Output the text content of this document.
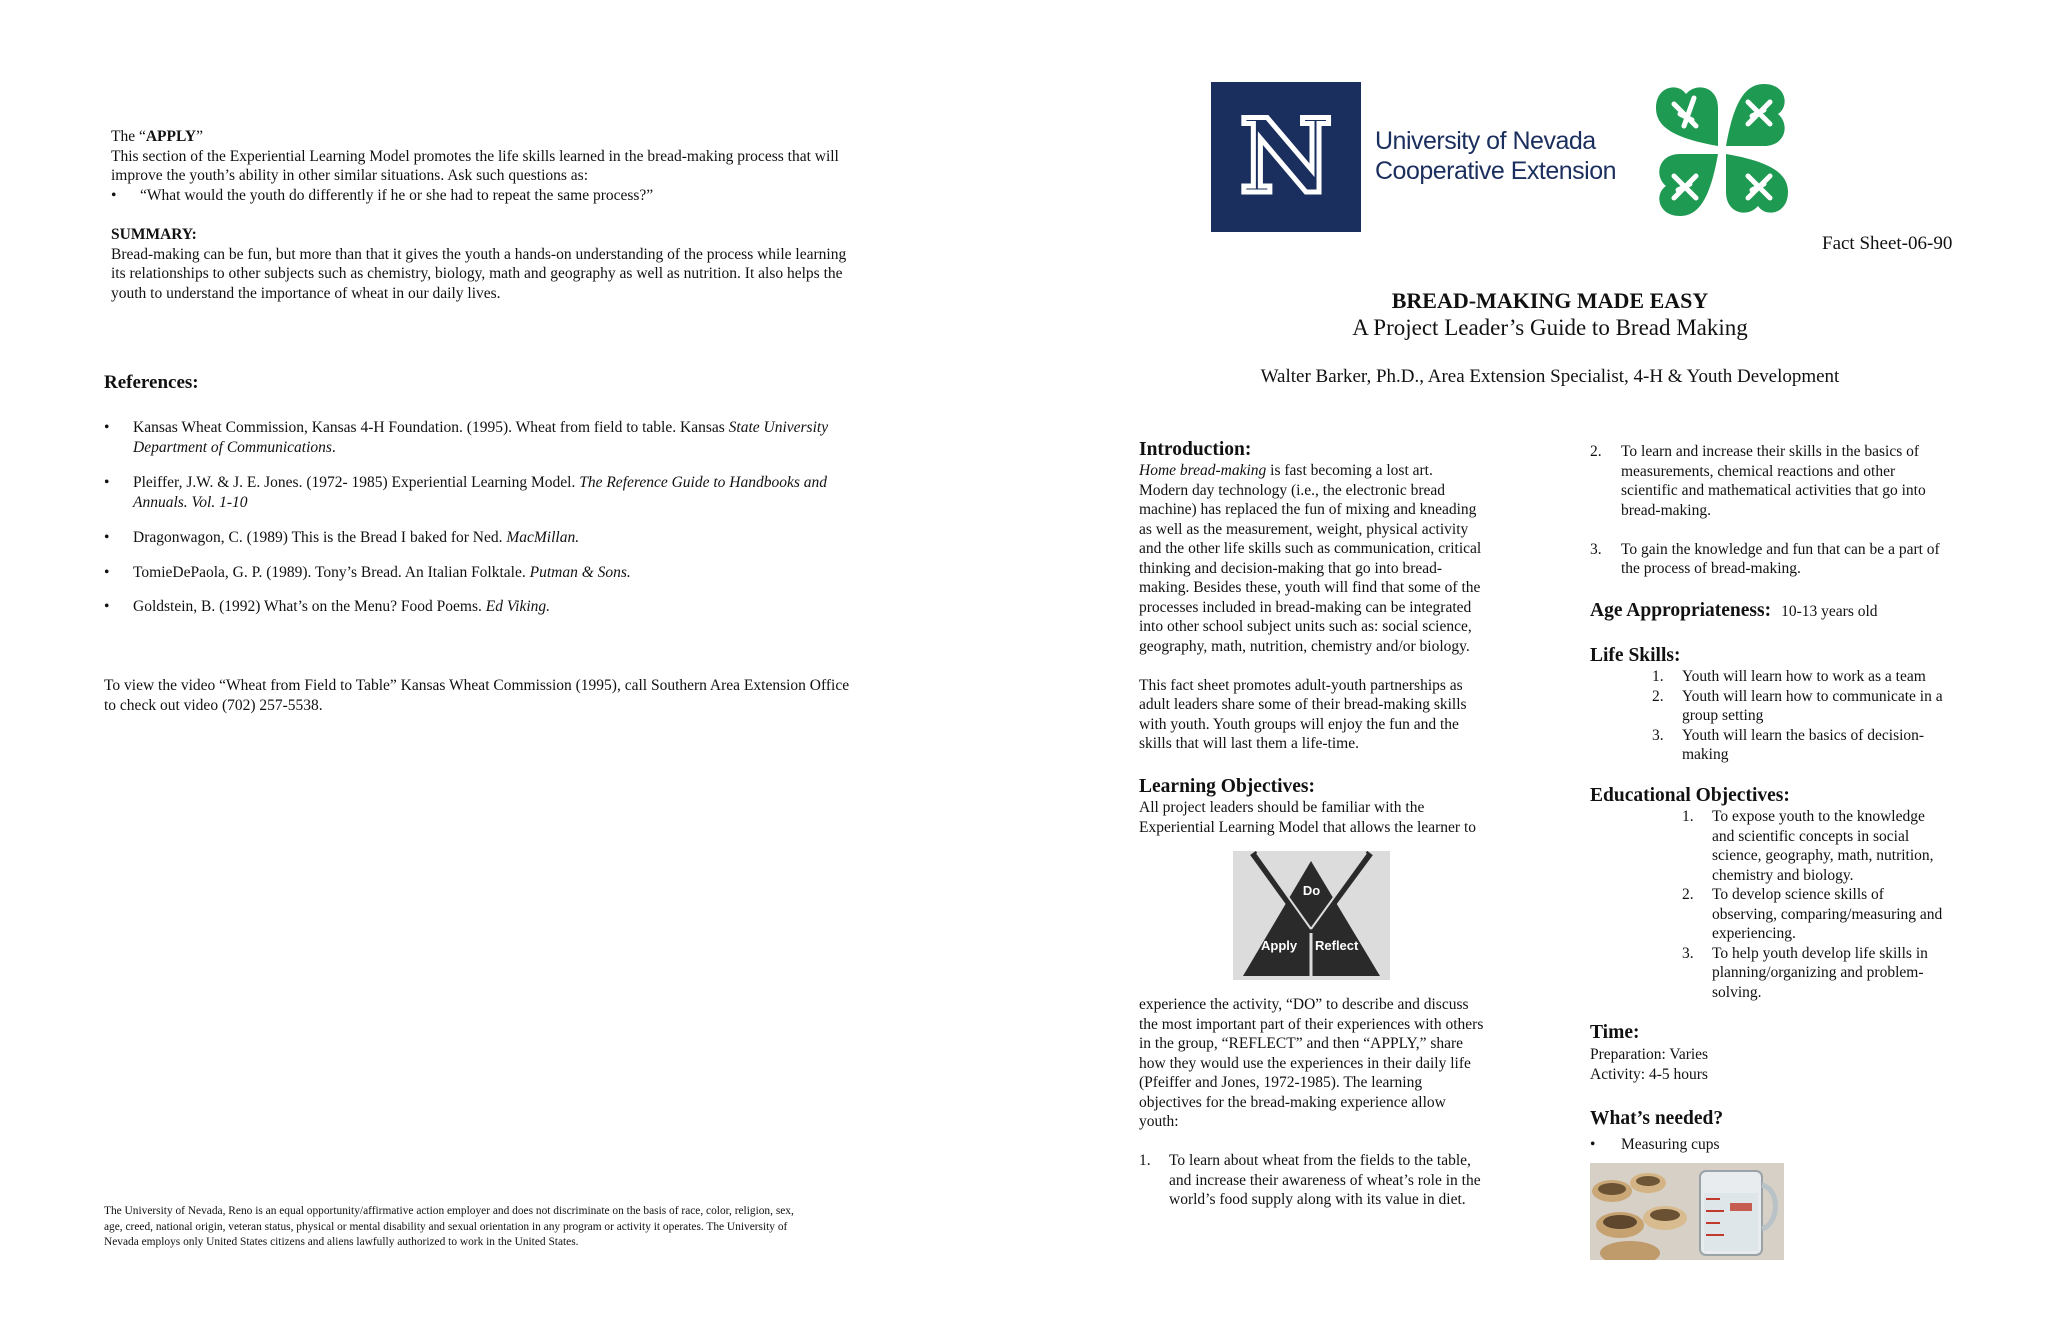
The “APPLY”
This section of the Experiential Learning Model promotes the life skills learned in the bread-making process that will
improve the youth’s ability in other similar situations. Ask such questions as:
•	“What would the youth do differently if he or she had to repeat the same process?”
SUMMARY:
Bread-making can be fun, but more than that it gives the youth a hands-on understanding of the process while learning
its relationships to other subjects such as chemistry, biology, math and geography as well as nutrition. It also helps the
youth to understand the importance of wheat in our daily lives.
References:
•	Kansas Wheat Commission, Kansas 4-H Foundation. (1995). Wheat from field to table. Kansas State University
Department of Communications.
•	Pleiffer, J.W. & J. E. Jones. (1972- 1985) Experiential Learning Model. The Reference Guide to Handbooks and
Annuals. Vol. 1-10
•	Dragonwagon, C. (1989) This is the Bread I baked for Ned. MacMillan.
•	TomieDePaola, G. P. (1989). Tony’s Bread. An Italian Folktale. Putman & Sons.
•	Goldstein, B. (1992) What’s on the Menu? Food Poems. Ed Viking.
To view the video “Wheat from Field to Table” Kansas Wheat Commission (1995), call Southern Area Extension Office
to check out video (702) 257-5538.
The University of Nevada, Reno is an equal opportunity/affirmative action employer and does not discriminate on the basis of race, color, religion, sex,
age, creed, national origin, veteran status, physical or mental disability and sexual orientation in any program or activity it operates. The University of
Nevada employs only United States citizens and aliens lawfully authorized to work in the United States.
N University of Nevada
Cooperative Extension
Fact Sheet-06-90
BREAD-MAKING MADE EASY
A Project Leader’s Guide to Bread Making
Walter Barker, Ph.D., Area Extension Specialist, 4-H & Youth Development
Introduction:
Home bread-making is fast becoming a lost art.
Modern day technology (i.e., the electronic bread
machine) has replaced the fun of mixing and kneading
as well as the measurement, weight, physical activity
and the other life skills such as communication, critical
thinking and decision-making that go into bread-
making. Besides these, youth will find that some of the
processes included in bread-making can be integrated
into other school subject units such as: social science,
geography, math, nutrition, chemistry and/or biology.
This fact sheet promotes adult-youth partnerships as
adult leaders share some of their bread-making skills
with youth. Youth groups will enjoy the fun and the
skills that will last them a life-time.
Learning Objectives:
All project leaders should be familiar with the
Experiential Learning Model that allows the learner to
Do
Apply Reflect
experience the activity, “DO” to describe and discuss
the most important part of their experiences with others
in the group, “REFLECT” and then “APPLY,” share
how they would use the experiences in their daily life
(Pfeiffer and Jones, 1972-1985). The learning
objectives for the bread-making experience allow
youth:
1.	To learn about wheat from the fields to the table,
and increase their awareness of wheat’s role in the
world’s food supply along with its value in diet.
2.	To learn and increase their skills in the basics of
measurements, chemical reactions and other
scientific and mathematical activities that go into
bread-making.
3.	To gain the knowledge and fun that can be a part of
the process of bread-making.
Age Appropriateness: 10-13 years old
Life Skills:
1.	Youth will learn how to work as a team
2.	Youth will learn how to communicate in a
group setting
3.	Youth will learn the basics of decision-
making
Educational Objectives:
1.	To expose youth to the knowledge
and scientific concepts in social
science, geography, math, nutrition,
chemistry and biology.
2.	To develop science skills of
observing, comparing/measuring and
experiencing.
3.	To help youth develop life skills in
planning/organizing and problem-
solving.
Time:
Preparation: Varies
Activity: 4-5 hours
What’s needed?
•	Measuring cups
